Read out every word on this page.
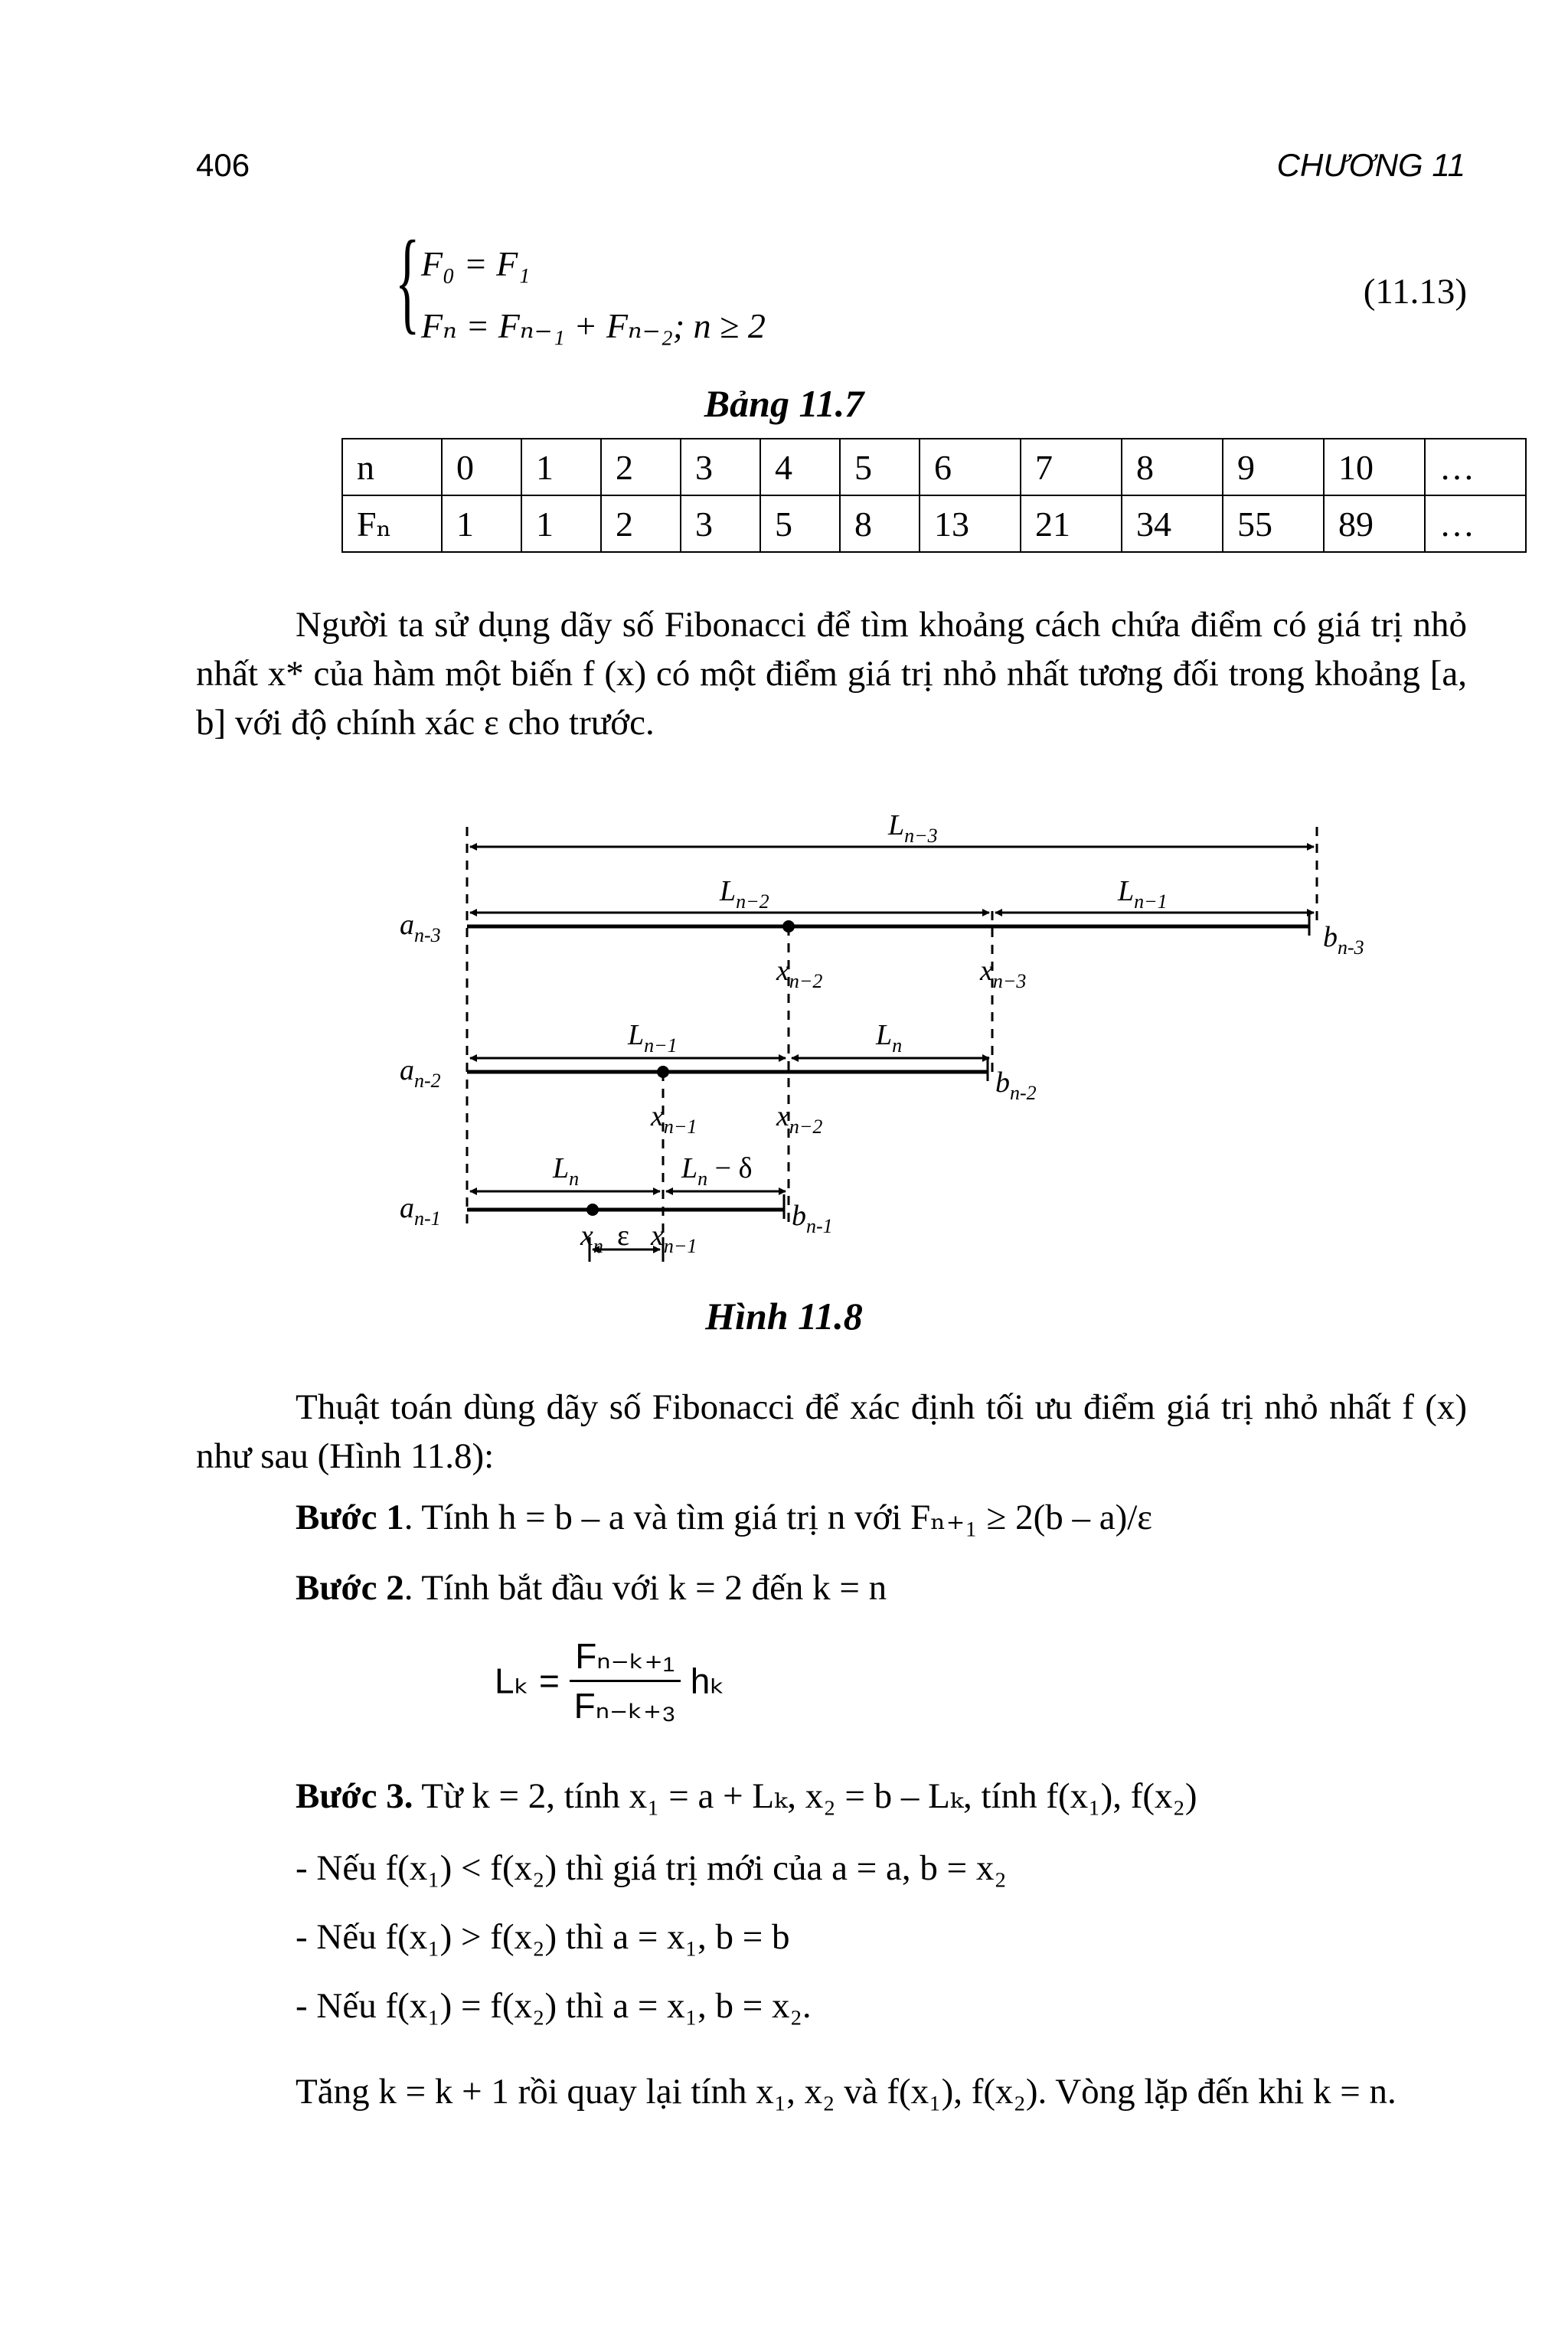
406	CHƯƠNG 11
{ F₀ = F₁
Fₙ = Fₙ₋₁ + Fₙ₋₂; n ≥ 2
(11.13)
Bảng 11.7
n	0	1	2	3	4	5	6	7	8	9	10	…
Fₙ	1	1	2	3	5	8	13	21	34	55	89	…
Người ta sử dụng dãy số Fibonacci để tìm khoảng cách chứa điểm có giá trị nhỏ nhất x* của hàm một biến f (x) có một điểm giá trị nhỏ nhất tương đối trong khoảng [a, b] với độ chính xác ε cho trước.
$L_{n-3}$
$L_{n-2}$	$L_{n-1}$
$a_{n-3}$	$b_{n-3}$
$x_{n-2}$	$x_{n-3}$
$L_{n-1}$	$L_n$
$a_{n-2}$	$b_{n-2}$
$x_{n-1}$	$x_{n-2}$
$L_n$	$L_n - \delta$
$a_{n-1}$	$b_{n-1}$
$x_n$ $x_{n-1}$
ε
Hình 11.8
Thuật toán dùng dãy số Fibonacci để xác định tối ưu điểm giá trị nhỏ nhất f (x) như sau (Hình 11.8):
Bước 1. Tính h = b – a và tìm giá trị n với Fₙ₊₁ ≥ 2(b – a)/ε
Bước 2. Tính bắt đầu với k = 2 đến k = n
$L_k = \frac{\text{Fₙ₋ₖ₊₁}}{\text{Fₙ₋ₖ₊₃}}$ hₖ
Bước 3. Từ k = 2, tính x₁ = a + Lₖ, x₂ = b – Lₖ, tính f(x₁), f(x₂)
- Nếu f(x₁) < f(x₂) thì giá trị mới của a = a, b = x₂
- Nếu f(x₁) > f(x₂) thì a = x₁, b = b
- Nếu f(x₁) = f(x₂) thì a = x₁, b = x₂.
Tăng k = k + 1 rồi quay lại tính x₁, x₂ và f(x₁), f(x₂). Vòng lặp đến khi k = n.
